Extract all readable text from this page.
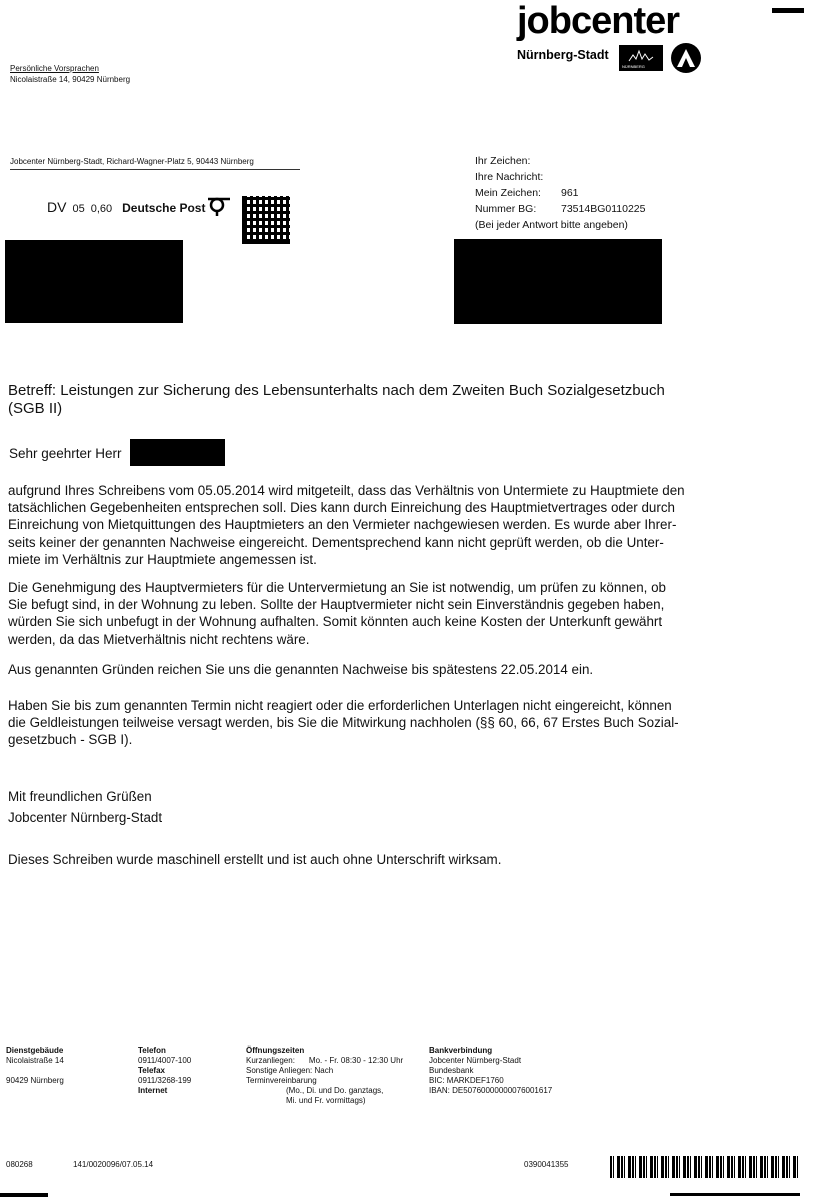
jobcenter
Nürnberg-Stadt
NÜRNBERG
Persönliche Vorsprachen
Nicolaistraße 14, 90429 Nürnberg
Jobcenter Nürnberg-Stadt, Richard-Wagner-Platz 5, 90443 Nürnberg
DV 05 0,60 Deutsche Post
Ihr Zeichen:
Ihre Nachricht:
Mein Zeichen:	961
Nummer BG:	73514BG0110225
(Bei jeder Antwort bitte angeben)
Betreff: Leistungen zur Sicherung des Lebensunterhalts nach dem Zweiten Buch Sozialgesetzbuch
(SGB II)
Sehr geehrter Herr
aufgrund Ihres Schreibens vom 05.05.2014 wird mitgeteilt, dass das Verhältnis von Untermiete zu Hauptmiete den
tatsächlichen Gegebenheiten entsprechen soll. Dies kann durch Einreichung des Hauptmietvertrages oder durch
Einreichung von Mietquittungen des Hauptmieters an den Vermieter nachgewiesen werden. Es wurde aber Ihrer-
seits keiner der genannten Nachweise eingereicht. Dementsprechend kann nicht geprüft werden, ob die Unter-
miete im Verhältnis zur Hauptmiete angemessen ist.
Die Genehmigung des Hauptvermieters für die Untervermietung an Sie ist notwendig, um prüfen zu können, ob
Sie befugt sind, in der Wohnung zu leben. Sollte der Hauptvermieter nicht sein Einverständnis gegeben haben,
würden Sie sich unbefugt in der Wohnung aufhalten. Somit könnten auch keine Kosten der Unterkunft gewährt
werden, da das Mietverhältnis nicht rechtens wäre.
Aus genannten Gründen reichen Sie uns die genannten Nachweise bis spätestens 22.05.2014 ein.
Haben Sie bis zum genannten Termin nicht reagiert oder die erforderlichen Unterlagen nicht eingereicht, können
die Geldleistungen teilweise versagt werden, bis Sie die Mitwirkung nachholen (§§ 60, 66, 67 Erstes Buch Sozial-
gesetzbuch - SGB I).
Mit freundlichen Grüßen
Jobcenter Nürnberg-Stadt
Dieses Schreiben wurde maschinell erstellt und ist auch ohne Unterschrift wirksam.
Dienstgebäude
Nicolaistraße 14
90429 Nürnberg
Telefon
0911/4007-100
Telefax
0911/3268-199
Internet
Öffnungszeiten
Kurzanliegen: Mo. - Fr. 08:30 - 12:30 Uhr
Sonstige Anliegen: Nach
Terminvereinbarung
(Mo., Di. und Do. ganztags,
Mi. und Fr. vormittags)
Bankverbindung
Jobcenter Nürnberg-Stadt
Bundesbank
BIC: MARKDEF1760
IBAN: DE50760000000076001617
080268	141/0020096/07.05.14	0390041355
